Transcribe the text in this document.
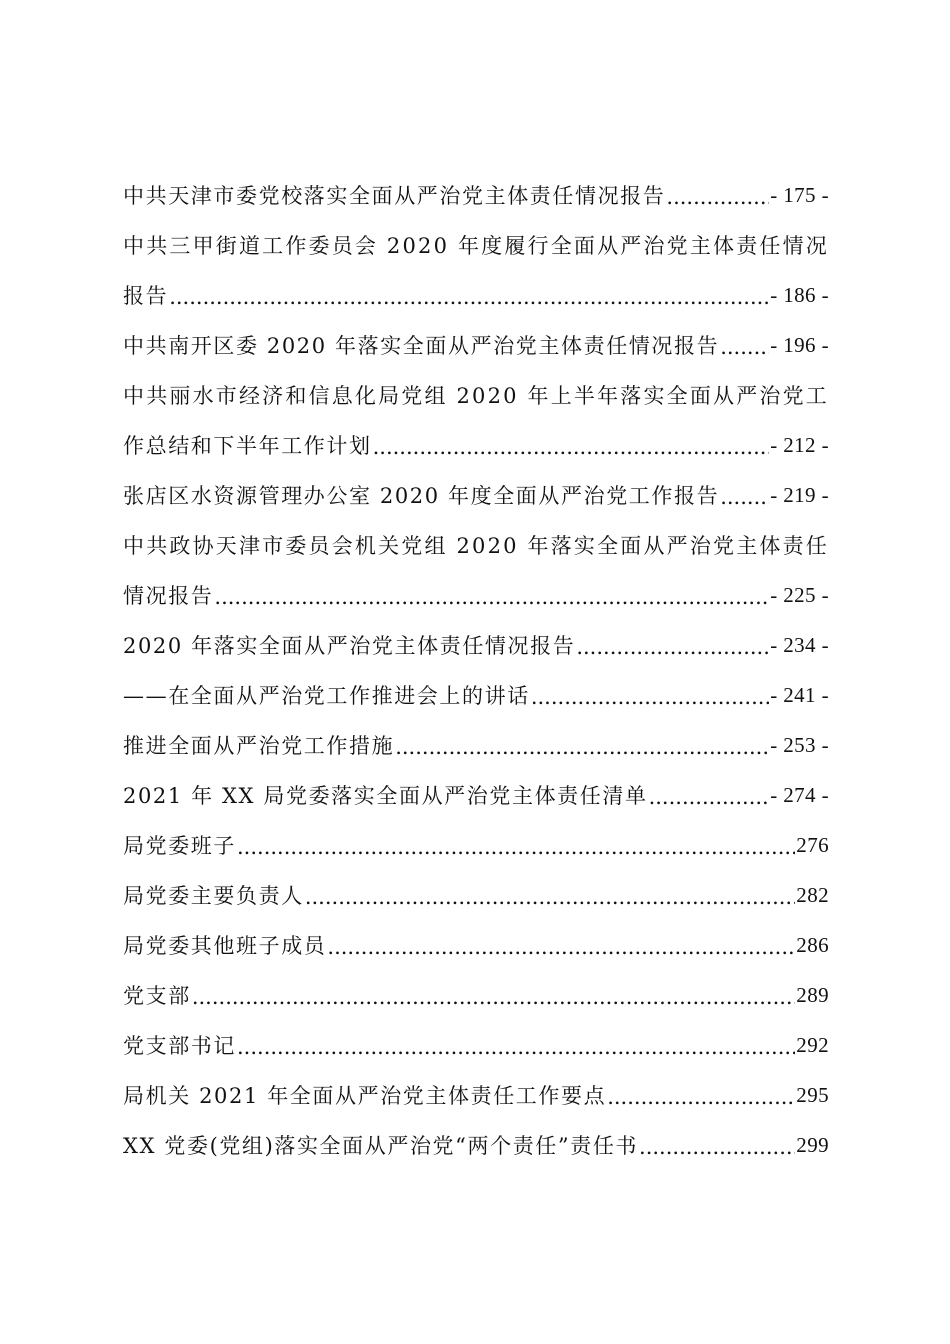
中共天津市委党校落实全面从严治党主体责任情况报告 .....	- 175 -
中共三甲街道工作委员会 2020 年度履行全面从严治党主体责任情况
报告 .....	- 186 -
中共南开区委 2020 年落实全面从严治党主体责任情况报告 ..... - 196 -
中共丽水市经济和信息化局党组 2020 年上半年落实全面从严治党工
作总结和下半年工作计划 .....	- 212 -
张店区水资源管理办公室 2020 年度全面从严治党工作报告 ..... - 219 -
中共政协天津市委员会机关党组 2020 年落实全面从严治党主体责任
情况报告 .....	- 225 -
2020 年落实全面从严治党主体责任情况报告 .....	- 234 -
——在全面从严治党工作推进会上的讲话 .....	- 241 -
推进全面从严治党工作措施 .....	- 253 -
2021 年 XX 局党委落实全面从严治党主体责任清单 .....	- 274 -
局党委班子 .....	276
局党委主要负责人 .....	282
局党委其他班子成员 .....	286
党支部 .....	289
党支部书记 .....	292
局机关 2021 年全面从严治党主体责任工作要点 .....	295
XX 党委(党组)落实全面从严治党“两个责任”责任书 .....	299
